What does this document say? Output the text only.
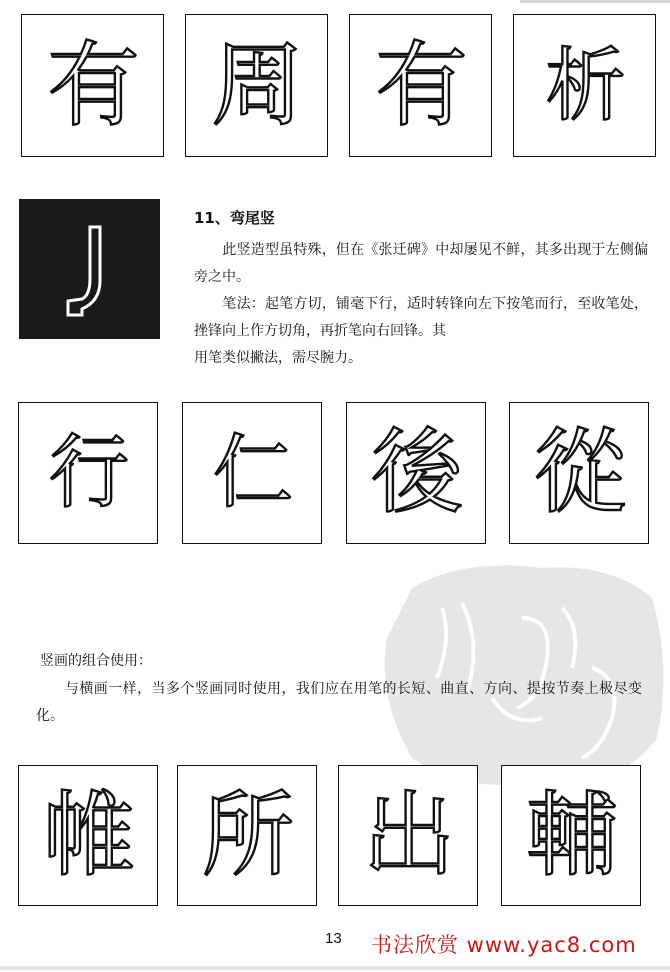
有 周 有 析
11、弯尾竖
　　此竖造型虽特殊，但在《张迁碑》中却屡见不鲜，其多出现于左侧偏旁之中。
　　笔法：起笔方切，铺毫下行，适时转锋向左下按笔而行，至收笔处，挫锋向上作方切角，再折笔向右回锋。其
用笔类似撇法，需尽腕力。
行 仁 後 從
竖画的组合使用：
　　与横画一样，当多个竖画同时使用，我们应在用笔的长短、曲直、方向、提按节奏上极尽变化。
帷 所 出 輔
13 书法欣赏 www.yac8.com
